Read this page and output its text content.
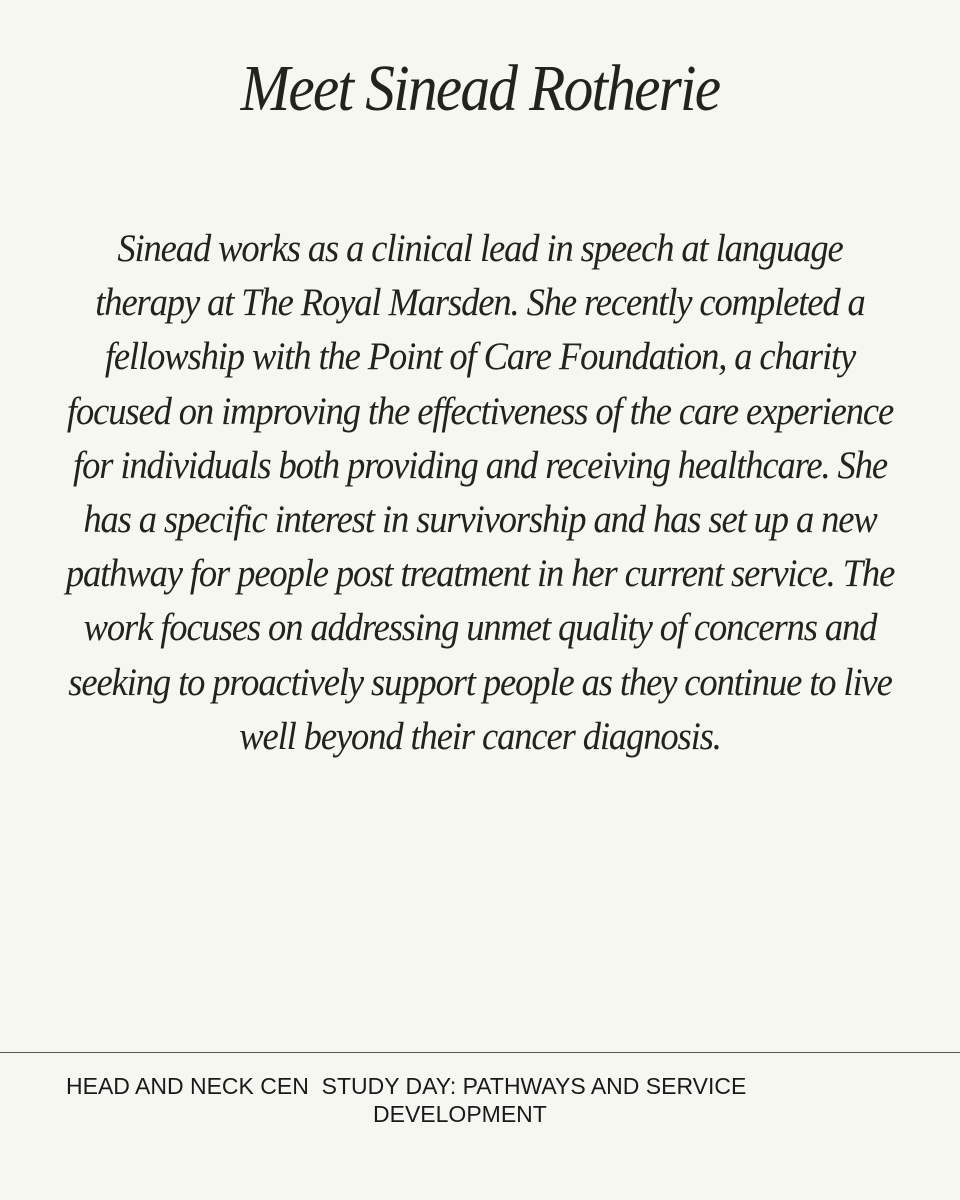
Meet Sinead Rotherie
Sinead works as a clinical lead in speech at language
therapy at The Royal Marsden. She recently completed a
fellowship with the Point of Care Foundation, a charity
focused on improving the effectiveness of the care experience
for individuals both providing and receiving healthcare. She
has a specific interest in survivorship and has set up a new
pathway for people post treatment in her current service. The
work focuses on addressing unmet quality of concerns and
seeking to proactively support people as they continue to live
well beyond their cancer diagnosis.
HEAD AND NECK CEN  STUDY DAY: PATHWAYS AND SERVICE
DEVELOPMENT
